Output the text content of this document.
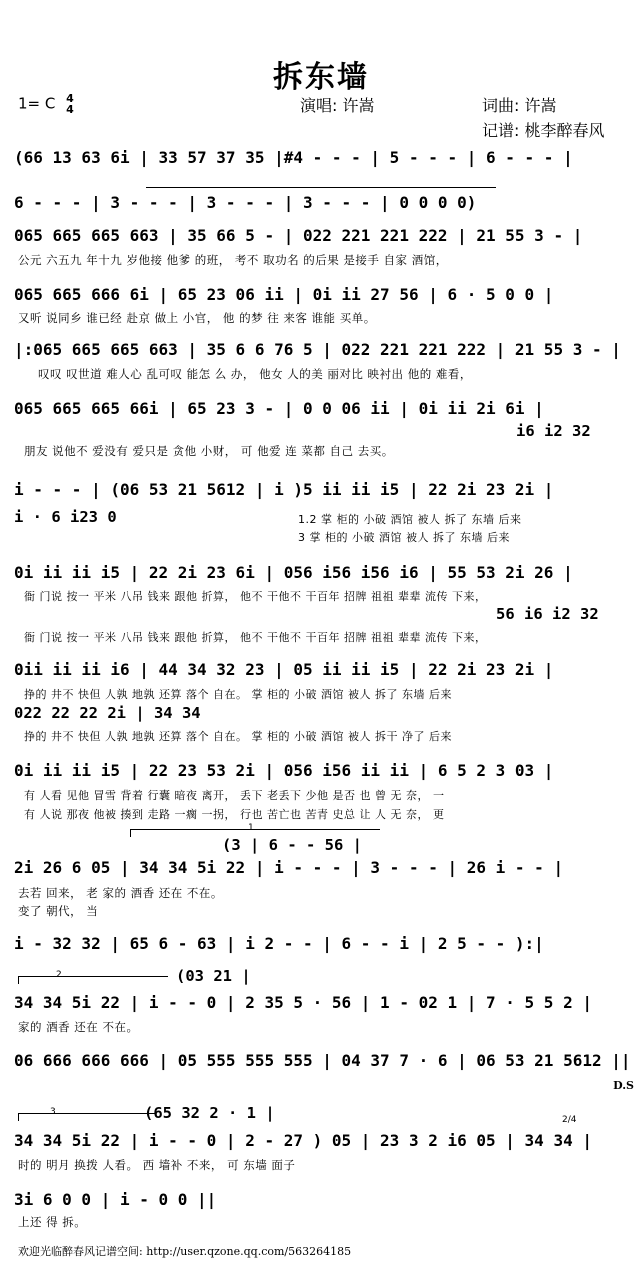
拆东墙
1= C 4
4	演唱: 许嵩	词曲: 许嵩
记谱: 桃李醉春风
(66 13 63 6i | 33 57 37 35 |#4 - - - | 5 - - - | 6 - - - |
6 - - - | 3 - - - | 3 - - - | 3 - - - | 0 0 0 0)
065 665 665 663 | 35 66 5 - | 022 221 221 222 | 21 55 3 - |
公元 六五九 年十九 岁他接 他爹 的班， 考不 取功名 的后果 是接手 自家 酒馆，
065 665 666 6i | 65 23 06 ii | 0i ii 27 56 | 6 · 5 0 0 |
又听 说同乡 谁已经 赴京 做上 小官， 他 的梦 往 来客 谁能 买单。
|:065 665 665 663 | 35 6 6 76 5 | 022 221 221 222 | 21 55 3 - |
叹叹 叹世道 难人心 乱可叹 能怎 么 办， 他女 人的美 丽对比 映衬出 他的 难看，
065 665 665 66i | 65 23 3 - | 0 0 06 ii | 0i ii 2i 6i |
i6 i2 32
朋友 说他不 爱没有 爱只是 贪他 小财， 可 他爱 连 菜都 自己 去买。
i - - - | (06 53 21 5612 | i )5 ii ii i5 | 22 2i 23 2i |
i · 6 i23 0	1.2 掌 柜的 小破 酒馆 被人 拆了 东墙 后来
3 掌 柜的 小破 酒馆 被人 拆了 东墙 后来
0i ii ii i5 | 22 2i 23 6i | 056 i56 i56 i6 | 55 53 2i 26 |
衙 门说 按一 平米 八吊 钱来 跟他 折算， 他不 干他不 干百年 招牌 祖祖 辈辈 流传 下来，
56 i6 i2 32
衙 门说 按一 平米 八吊 钱来 跟他 折算， 他不 干他不 干百年 招牌 祖祖 辈辈 流传 下来，
0ii ii ii i6 | 44 34 32 23 | 05 ii ii i5 | 22 2i 23 2i |
挣的 井不 快但 人孰 地孰 还算 落个 自在。 掌 柜的 小破 酒馆 被人 拆了 东墙 后来
022 22 22 2i | 34 34
挣的 井不 快但 人孰 地孰 还算 落个 自在。 掌 柜的 小破 酒馆 被人 拆干 净了 后来
0i ii ii i5 | 22 23 53 2i | 056 i56 ii ii | 6 5 2 3 03 |
有 人看 见他 冒雪 背着 行囊 暗夜 离开， 丢下 老丢下 少他 是否 也 曾 无 奈， 一
有 人说 那夜 他被 揍到 走路 一瘸 一拐， 行也 苦亡也 苦青 史总 让 人 无 奈， 更
1
(3 | 6 - - 56 |
2i 26 6 05 | 34 34 5i 22 | i - - - | 3 - - - | 26 i - - |
去若 回来， 老 家的 酒香 还在 不在。
变了 朝代， 当
i - 32 32 | 65 6 - 63 | i 2 - - | 6 - - i | 2 5 - - ):|
2	(03 21 |
34 34 5i 22 | i - - 0 | 2 35 5 · 56 | 1 - 02 1 | 7 · 5 5 2 |
家的 酒香 还在 不在。
06 666 666 666 | 05 555 555 555 | 04 37 7 · 6 | 06 53 21 5612 ||
D.S
3	(65 32 2 · 1 |	2/4
34 34 5i 22 | i - - 0 | 2 - 27 ) 05 | 23 3 2 i6 05 | 34 34 |
时的 明月 换拨 人看。 西 墙补 不来， 可 东墙 面子
3i 6 0 0 | i - 0 0 ||
上还 得 拆。
欢迎光临醉春风记谱空间: http://user.qzone.qq.com/563264185
